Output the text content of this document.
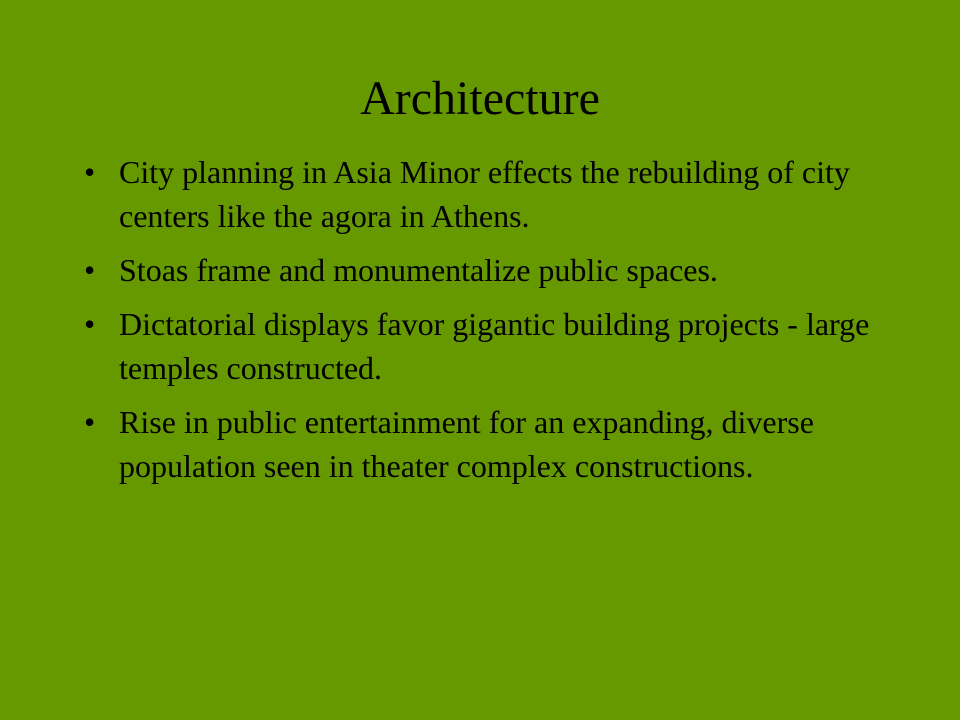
Architecture
• City planning in Asia Minor effects the rebuilding of city centers like the agora in Athens.
• Stoas frame and monumentalize public spaces.
• Dictatorial displays favor gigantic building projects - large temples constructed.
• Rise in public entertainment for an expanding, diverse population seen in theater complex constructions.
